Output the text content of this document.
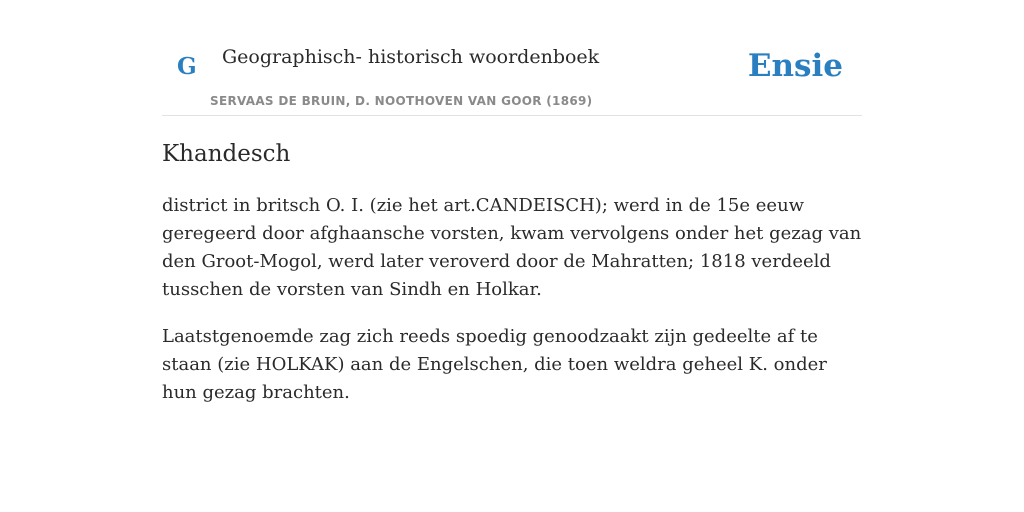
G Geographisch- historisch woordenboek
SERVAAS DE BRUIN, D. NOOTHOVEN VAN GOOR (1869)
Ensie
Khandesch

district in britsch O. I. (zie het art.CANDEISCH); werd in de 15e eeuw geregeerd door afghaansche vorsten, kwam vervolgens onder het gezag van den Groot-Mogol, werd later veroverd door de Mahratten; 1818 verdeeld tusschen de vorsten van Sindh en Holkar.

Laatstgenoemde zag zich reeds spoedig genoodzaakt zijn gedeelte af te staan (zie HOLKAK) aan de Engelschen, die toen weldra geheel K. onder hun gezag brachten.
